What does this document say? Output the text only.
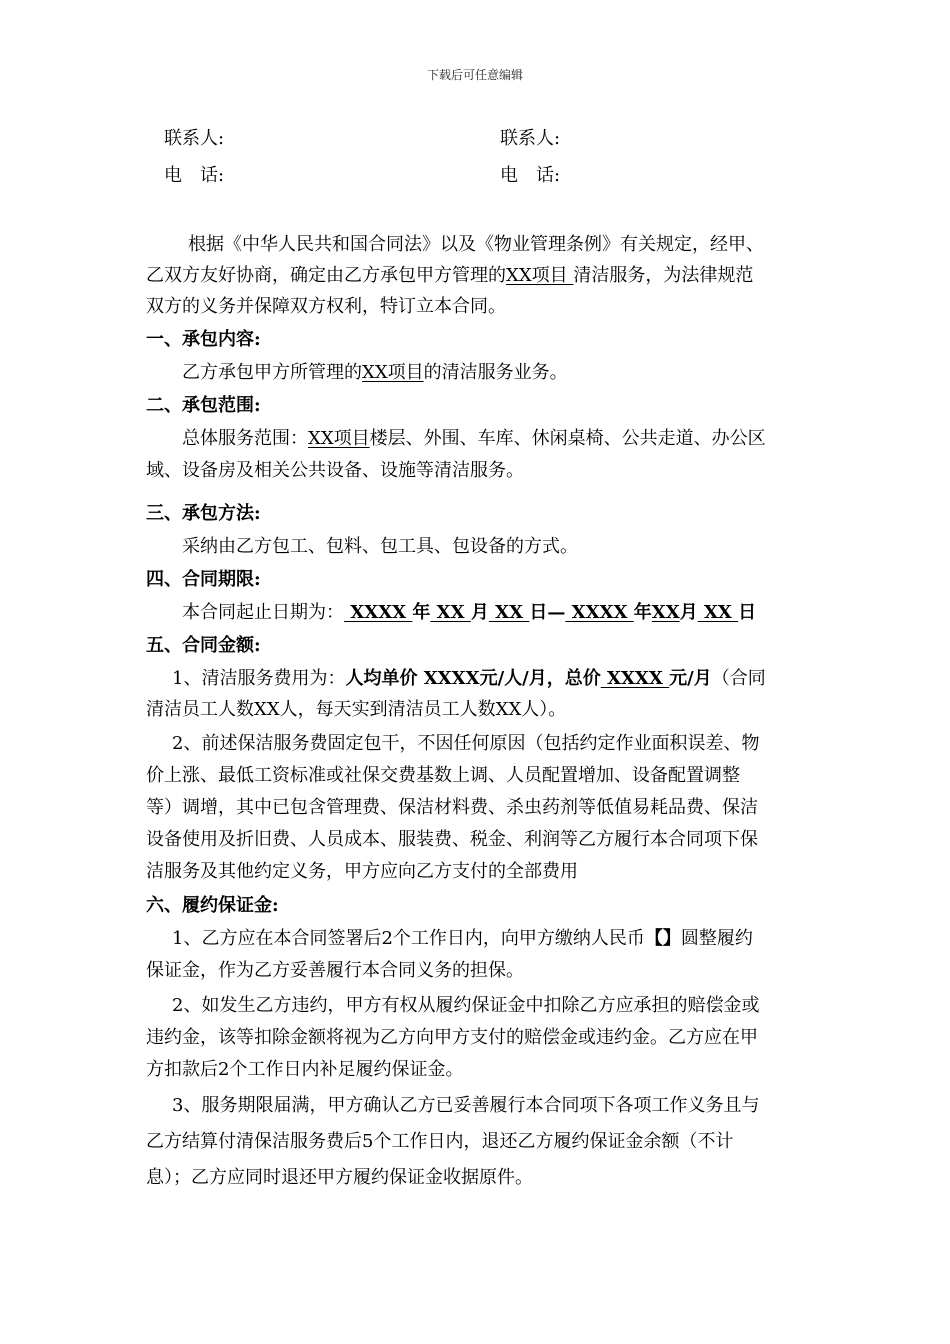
下载后可任意编辑
联系人:
电　话:
联系人:
电　话:
根据《中华人民共和国合同法》以及《物业管理条例》有关规定，经甲、
乙双方友好协商，确定由乙方承包甲方管理的XX项目 清洁服务，为法律规范
双方的义务并保障双方权利，特订立本合同。
一、承包内容:
乙方承包甲方所管理的XX项目的清洁服务业务。
二、承包范围:
总体服务范围：XX项目楼层、外围、车库、休闲桌椅、公共走道、办公区
域、设备房及相关公共设备、设施等清洁服务。
三、承包方法:
采纳由乙方包工、包料、包工具、包设备的方式。
四、合同期限:
本合同起止日期为： XXXX 年 XX 月 XX 日— XXXX 年XX月 XX 日
五、合同金额:
1、清洁服务费用为：人均单价 XXXX元/人/月，总价 XXXX 元/月（合同
清洁员工人数XX人，每天实到清洁员工人数XX人）。
2、前述保洁服务费固定包干，不因任何原因（包括约定作业面积误差、物
价上涨、最低工资标准或社保交费基数上调、人员配置增加、设备配置调整
等）调增，其中已包含管理费、保洁材料费、杀虫药剂等低值易耗品费、保洁
设备使用及折旧费、人员成本、服装费、税金、利润等乙方履行本合同项下保
洁服务及其他约定义务，甲方应向乙方支付的全部费用
六、履约保证金:
1、乙方应在本合同签署后2个工作日内，向甲方缴纳人民币【】圆整履约
保证金，作为乙方妥善履行本合同义务的担保。
2、如发生乙方违约，甲方有权从履约保证金中扣除乙方应承担的赔偿金或
违约金，该等扣除金额将视为乙方向甲方支付的赔偿金或违约金。乙方应在甲
方扣款后2个工作日内补足履约保证金。
3、服务期限届满，甲方确认乙方已妥善履行本合同项下各项工作义务且与
乙方结算付清保洁服务费后5个工作日内，退还乙方履约保证金余额（不计
息）；乙方应同时退还甲方履约保证金收据原件。
